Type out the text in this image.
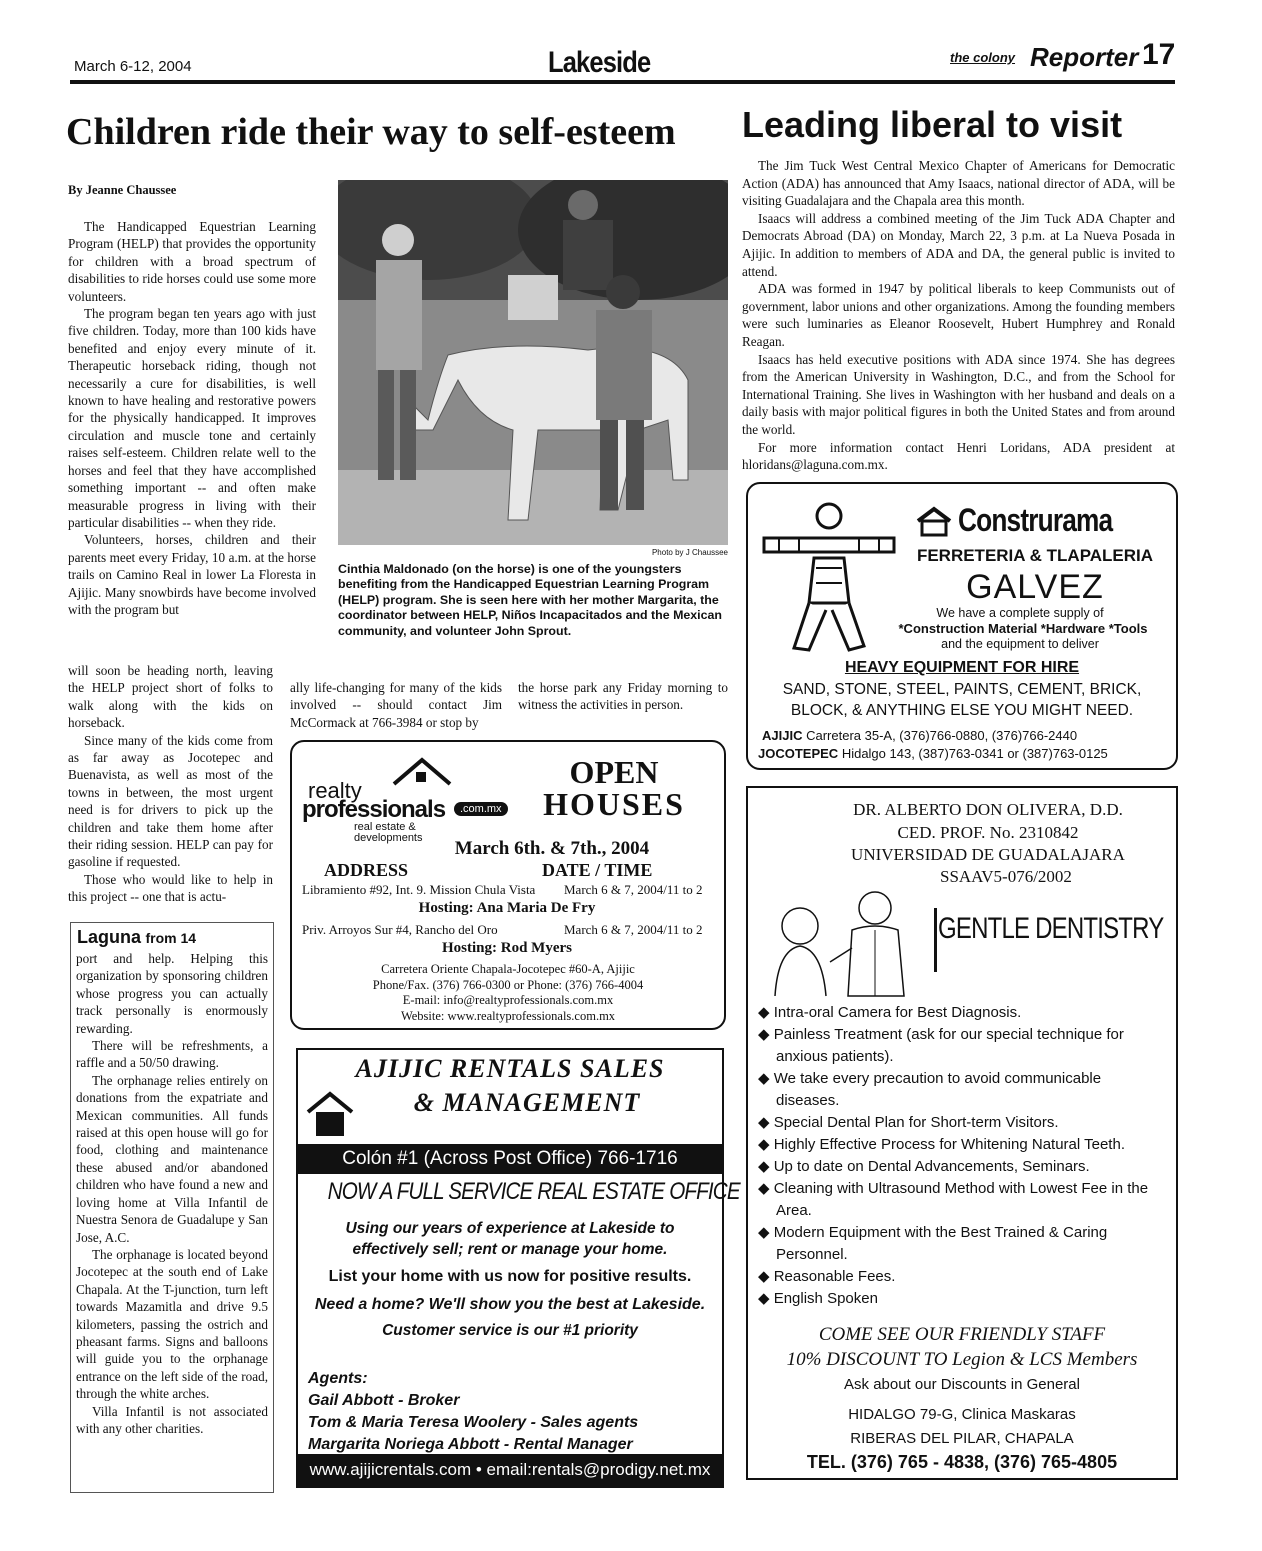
March 6-12, 2004	Lakeside	the colony Reporter 17
Children ride their way to self-esteem
By Jeanne Chaussee

The Handicapped Equestrian Learning Program (HELP) that provides the opportunity for children with a broad spectrum of disabilities to ride horses could use some more volunteers.

The program began ten years ago with just five children. Today, more than 100 kids have benefited and enjoy every minute of it. Therapeutic horseback riding, though not necessarily a cure for disabilities, is well known to have healing and restorative powers for the physically handicapped. It improves circulation and muscle tone and certainly raises self-esteem. Children relate well to the horses and feel that they have accomplished something important -- and often make measurable progress in living with their particular disabilities -- when they ride.

Volunteers, horses, children and their parents meet every Friday, 10 a.m. at the horse trails on Camino Real in lower La Floresta in Ajijic. Many snowbirds have become involved with the program but

will soon be heading north, leaving the HELP project short of folks to walk along with the kids on horseback.

Since many of the kids come from as far away as Jocotepec and Buenavista, as well as most of the towns in between, the most urgent need is for drivers to pick up the children and take them home after their riding session. HELP can pay for gasoline if requested.

Those who would like to help in this project -- one that is actu-

ally life-changing for many of the kids involved -- should contact Jim McCormack at 766-3984 or stop by
the horse park any Friday morning to witness the activities in person.
Photo by J Chaussee
Cinthia Maldonado (on the horse) is one of the youngsters benefiting from the Handicapped Equestrian Learning Program (HELP) program. She is seen here with her mother Margarita, the coordinator between HELP, Niños Incapacitados and the Mexican community, and volunteer John Sprout.
Laguna from 14

port and help. Helping this organization by sponsoring children whose progress you can actually track personally is enormously rewarding.

There will be refreshments, a raffle and a 50/50 drawing.

The orphanage relies entirely on donations from the expatriate and Mexican communities. All funds raised at this open house will go for food, clothing and maintenance these abused and/or abandoned children who have found a new and loving home at Villa Infantil de Nuestra Senora de Guadalupe y San Jose, A.C.

The orphanage is located beyond Jocotepec at the south end of Lake Chapala. At the T-junction, turn left towards Mazamitla and drive 9.5 kilometers, passing the ostrich and pheasant farms. Signs and balloons will guide you to the orphanage entrance on the left side of the road, through the white arches.

Villa Infantil is not associated with any other charities.

Leading liberal to visit

The Jim Tuck West Central Mexico Chapter of Americans for Democratic Action (ADA) has announced that Amy Isaacs, national director of ADA, will be visiting Guadalajara and the Chapala area this month.

Isaacs will address a combined meeting of the Jim Tuck ADA Chapter and Democrats Abroad (DA) on Monday, March 22, 3 p.m. at La Nueva Posada in Ajijic. In addition to members of ADA and DA, the general public is invited to attend.

ADA was formed in 1947 by political liberals to keep Communists out of government, labor unions and other organizations. Among the founding members were such luminaries as Eleanor Roosevelt, Hubert Humphrey and Ronald Reagan.

Isaacs has held executive positions with ADA since 1974. She has degrees from the American University in Washington, D.C., and from the School for International Training. She lives in Washington with her husband and deals on a daily basis with major political figures in both the United States and from around the world.

For more information contact Henri Loridans, ADA president at hloridans@laguna.com.mx.

Construrama
FERRETERIA & TLAPALERIA
GALVEZ
We have a complete supply of
*Construction Material *Hardware *Tools
and the equipment to deliver
HEAVY EQUIPMENT FOR HIRE
SAND, STONE, STEEL, PAINTS, CEMENT, BRICK,
BLOCK, & ANYTHING ELSE YOU MIGHT NEED.
AJIJIC Carretera 35-A, (376)766-0880, (376)766-2440
JOCOTEPEC Hidalgo 143, (387)763-0341 or (387)763-0125
DR. ALBERTO DON OLIVERA, D.D.
CED. PROF. No. 2310842
UNIVERSIDAD DE GUADALAJARA
SSAAV5-076/2002
GENTLE DENTISTRY
◆ Intra-oral Camera for Best Diagnosis.
◆ Painless Treatment (ask for our special technique for anxious patients).
◆ We take every precaution to avoid communicable diseases.
◆ Special Dental Plan for Short-term Visitors.
◆ Highly Effective Process for Whitening Natural Teeth.
◆ Up to date on Dental Advancements, Seminars.
◆ Cleaning with Ultrasound Method with Lowest Fee in the Area.
◆ Modern Equipment with the Best Trained & Caring Personnel.
◆ Reasonable Fees.
◆ English Spoken
COME SEE OUR FRIENDLY STAFF
10% DISCOUNT TO Legion & LCS Members
Ask about our Discounts in General
HIDALGO 79-G, Clinica Maskaras
RIBERAS DEL PILAR, CHAPALA
TEL. (376) 765 - 4838, (376) 765-4805
realty
professionals	.com.mx
real estate &
developments
OPEN
HOUSES
March 6th. & 7th., 2004
ADDRESS	DATE / TIME
Libramiento #92, Int. 9. Mission Chula Vista March 6 & 7, 2004/11 to 2
Hosting: Ana Maria De Fry
Priv. Arroyos Sur #4, Rancho del Oro	March 6 & 7, 2004/11 to 2
Hosting: Rod Myers
Carretera Oriente Chapala-Jocotepec #60-A, Ajijic
Phone/Fax. (376) 766-0300 or Phone: (376) 766-4004
E-mail: info@realtyprofessionals.com.mx
Website: www.realtyprofessionals.com.mx
AJIJIC RENTALS SALES
& MANAGEMENT
Colón #1 (Across Post Office) 766-1716
NOW A FULL SERVICE REAL ESTATE OFFICE
Using our years of experience at Lakeside to effectively sell; rent or manage your home.
List your home with us now for positive results.
Need a home? We'll show you the best at Lakeside.
Customer service is our #1 priority
Agents:
Gail Abbott - Broker
Tom & Maria Teresa Woolery - Sales agents
Margarita Noriega Abbott - Rental Manager
www.ajijicrentals.com • email:rentals@prodigy.net.mx
